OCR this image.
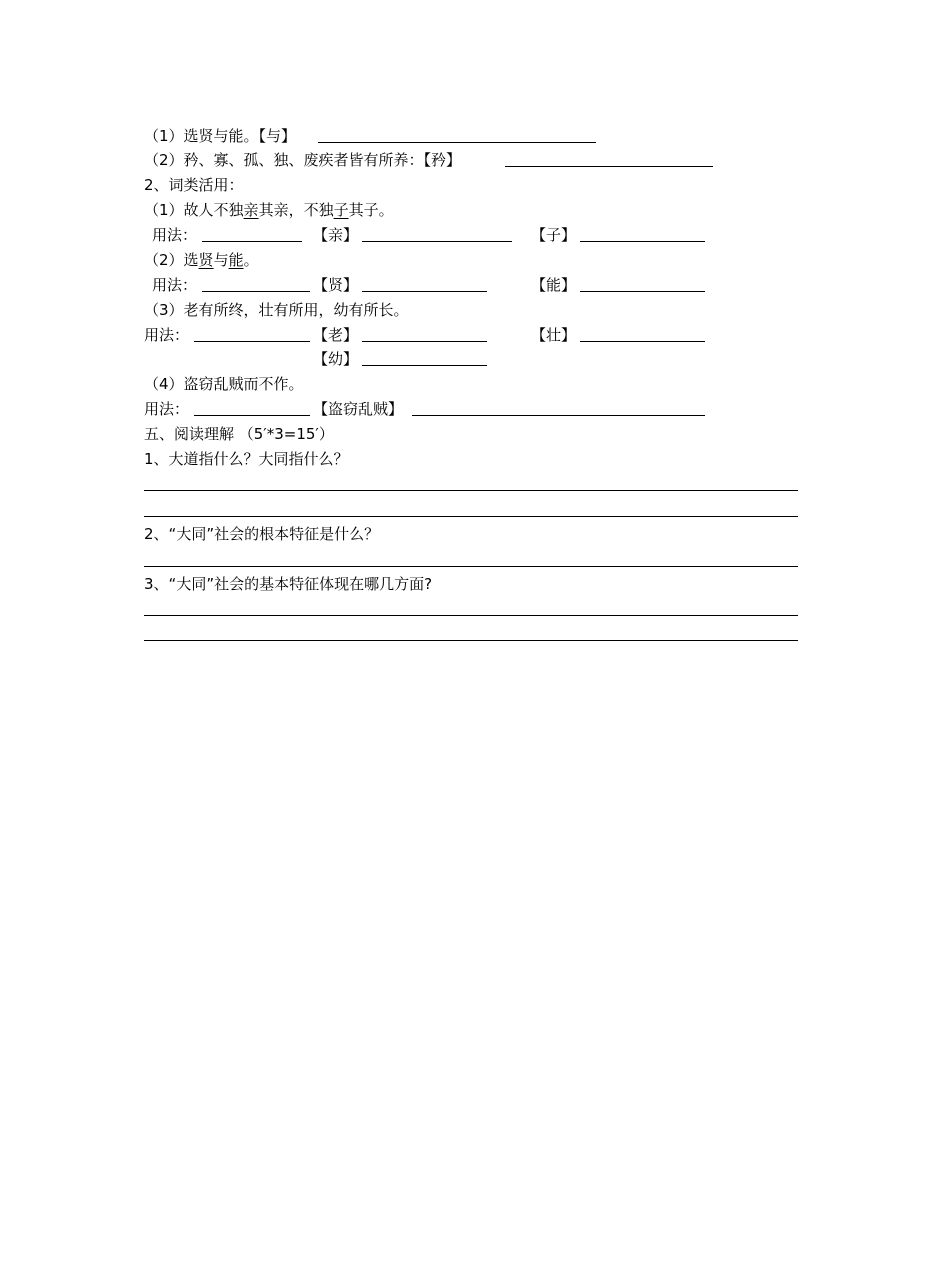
（1）选贤与能。【与】
（2）矜、寡、孤、独、废疾者皆有所养：【矜】
2、词类活用：
（1）故人不独亲其亲，不独子其子。
用法：	【亲】	【子】
（2）选贤与能。
用法：	【贤】	【能】
（3）老有所终，壮有所用，幼有所长。
用法：	【老】	【壮】
【幼】
（4）盗窃乱贼而不作。
用法：	【盗窃乱贼】
五、阅读理解 （5′*3=15′）
1、大道指什么？大同指什么？
2、“大同”社会的根本特征是什么？
3、“大同”社会的基本特征体现在哪几方面?
